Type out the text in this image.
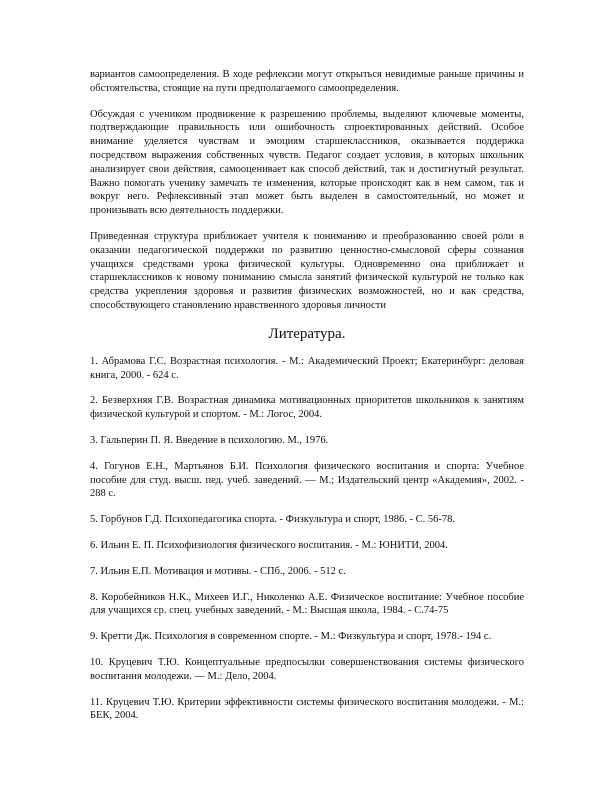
вариантов самоопределения. В ходе рефлексии могут открыться невидимые раньше причины и обстоятельства, стоящие на пути предполагаемого самоопределения.

Обсуждая с учеником продвижение к разрешению проблемы, выделяют ключевые моменты, подтверждающие правильность или ошибочность спроектированных действий. Особое внимание уделяется чувствам и эмоциям старшеклассников, оказывается поддержка посредством выражения собственных чувств. Педагог создает условия, в которых школьник анализирует свои действия, самооценивает как способ действий, так и достигнутый результат. Важно помогать ученику замечать те изменения, которые происходят как в нем самом, так и вокруг него. Рефлексивный этап может быть выделен в самостоятельный, но может и пронизывать всю деятельность поддержки.

Приведенная структура приближает учителя к пониманию и преобразованию своей роли в оказании педагогической поддержки по развитию ценностно-смысловой сферы сознания учащихся средствами урока физической культуры. Одновременно она приближает и старшеклассников к новому пониманию смысла занятий физической культурой не только как средства укрепления здоровья и развития физических возможностей, но и как средства, способствующего становлению нравственного здоровья личности

Литература.

1. Абрамова Г.С. Возрастная психология. - М.: Академический Проект; Екатеринбург: деловая книга, 2000. - 624 с.

2. Безверхняя Г.В. Возрастная динамика мотивационных приоритетов школьников к занятиям физической культурой и спортом. - М.: Логос, 2004.

3. Гальперин П. Я. Введение в психологию. М., 1976.

4. Гогунов Е.Н., Мартьянов Б.И. Психология физического воспитания и спорта: Учебное пособие для студ. высш. пед. учеб. заведений. — М.; Издательский центр «Академия», 2002. - 288 с.

5. Горбунов Г.Д. Психопедагогика спорта. - Физкультура и спорт, 1986. - С. 56-78.

6. Ильин Е. П. Психофизиология физического воспитания. - М.: ЮНИТИ, 2004.

7. Ильин Е.П. Мотивация и мотивы. - СПб., 2006. - 512 с.

8. Коробейников Н.К., Михеев И.Г., Николенко А.Е. Физическое воспитание: Учебное пособие для учащихся ср. спец. учебных заведений. - М.: Высшая школа, 1984. - С.74-75

9. Кретти Дж. Психология в современном спорте. - М.: Физкультура и спорт, 1978.- 194 с.

10. Круцевич Т.Ю. Концептуальные предпосылки совершенствования системы физического воспитания молодежи. — М.: Дело, 2004.

11. Круцевич Т.Ю. Критерии эффективности системы физического воспитания молодежи. - М.: БЕК, 2004.
